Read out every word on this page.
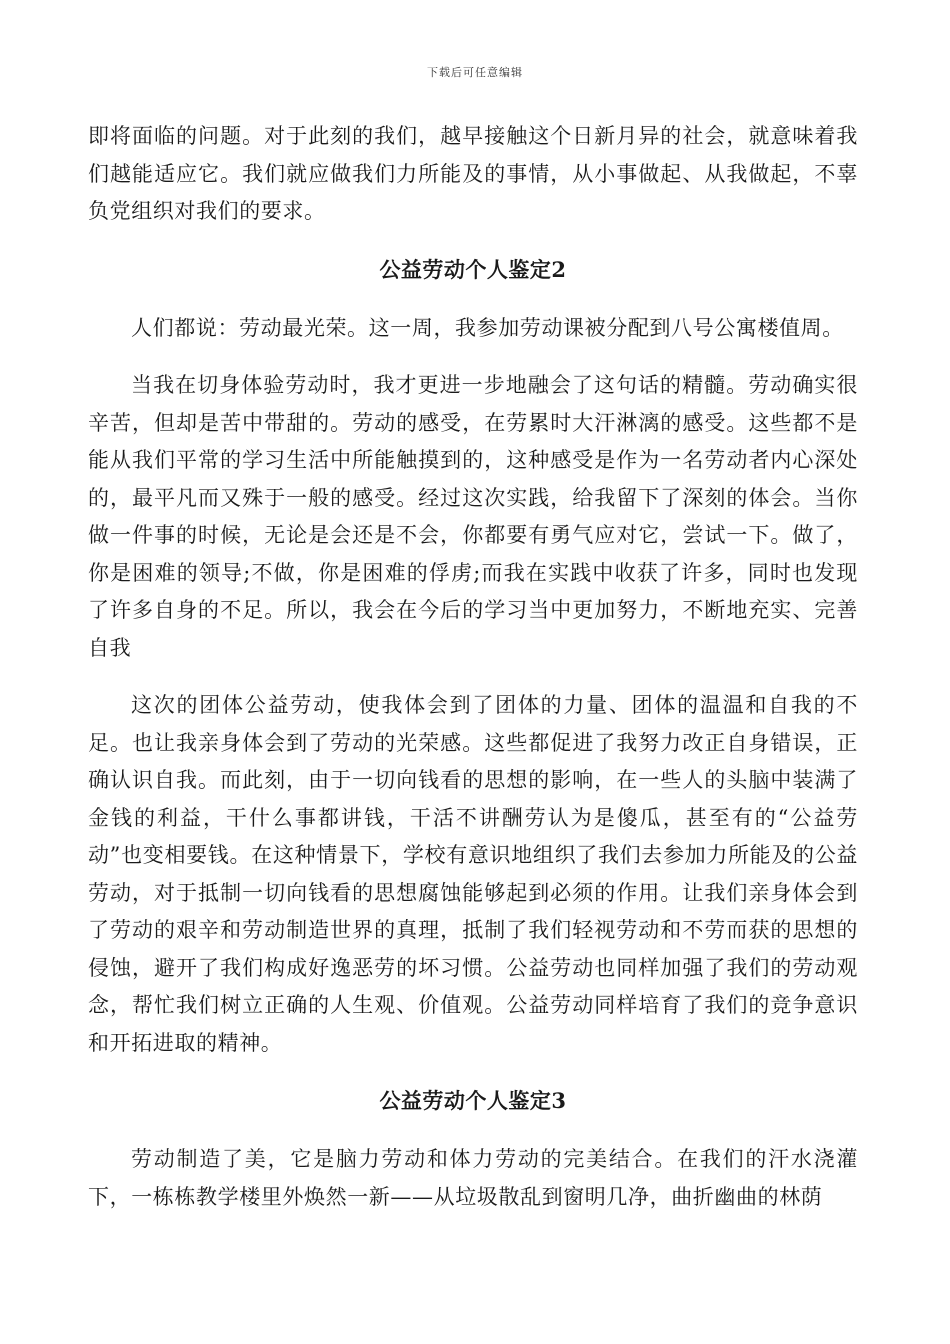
下载后可任意编辑

即将面临的问题。对于此刻的我们，越早接触这个日新月异的社会，就意味着我们越能适应它。我们就应做我们力所能及的事情，从小事做起、从我做起，不辜负党组织对我们的要求。

公益劳动个人鉴定2

人们都说：劳动最光荣。这一周，我参加劳动课被分配到八号公寓楼值周。

当我在切身体验劳动时，我才更进一步地融会了这句话的精髓。劳动确实很辛苦，但却是苦中带甜的。劳动的感受，在劳累时大汗淋漓的感受。这些都不是能从我们平常的学习生活中所能触摸到的，这种感受是作为一名劳动者内心深处的，最平凡而又殊于一般的感受。经过这次实践，给我留下了深刻的体会。当你做一件事的时候，无论是会还是不会，你都要有勇气应对它，尝试一下。做了，你是困难的领导;不做，你是困难的俘虏;而我在实践中收获了许多，同时也发现了许多自身的不足。所以，我会在今后的学习当中更加努力，不断地充实、完善自我

这次的团体公益劳动，使我体会到了团体的力量、团体的温温和自我的不足。也让我亲身体会到了劳动的光荣感。这些都促进了我努力改正自身错误，正确认识自我。而此刻，由于一切向钱看的思想的影响，在一些人的头脑中装满了金钱的利益，干什么事都讲钱，干活不讲酬劳认为是傻瓜，甚至有的“公益劳动”也变相要钱。在这种情景下，学校有意识地组织了我们去参加力所能及的公益劳动，对于抵制一切向钱看的思想腐蚀能够起到必须的作用。让我们亲身体会到了劳动的艰辛和劳动制造世界的真理，抵制了我们轻视劳动和不劳而获的思想的侵蚀，避开了我们构成好逸恶劳的坏习惯。公益劳动也同样加强了我们的劳动观念，帮忙我们树立正确的人生观、价值观。公益劳动同样培育了我们的竞争意识和开拓进取的精神。

公益劳动个人鉴定3

劳动制造了美，它是脑力劳动和体力劳动的完美结合。在我们的汗水浇灌下，一栋栋教学楼里外焕然一新——从垃圾散乱到窗明几净，曲折幽曲的林荫
